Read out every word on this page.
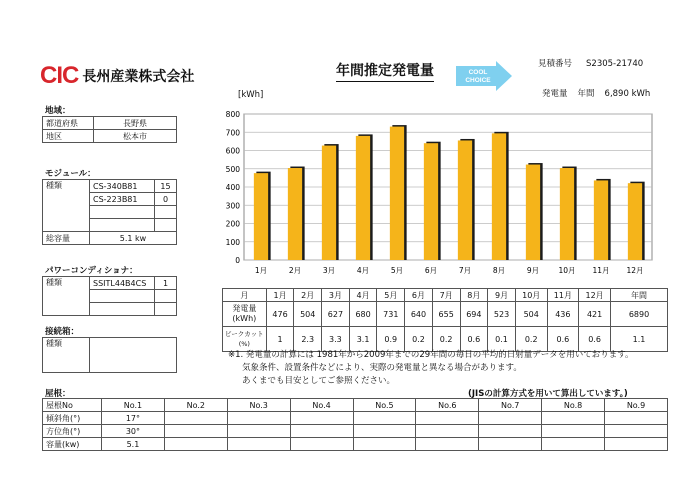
CIC 長州産業株式会社	年間推定発電量	COOL
CHOICE
見積番号 S2305-21740
発電量 年間 6,890 kWh
地域：
都道府県	長野県
地区	松本市
モジュール：
種類	CS-340B81	15
	CS-223B81	0

総容量	5.1 kw	
パワーコンディショナ：
種類	SSITL44B4CS	1

接続箱：
種類	
[kWh]
0
100
200
300
400
500
600
700
800
1月	2月	3月	4月	5月	6月	7月	8月	9月	10月 11月 12月
月	1月	2月	3月	4月	5月	6月	7月	8月	9月	10月	11月	12月	年間
発電量
(kWh)	476	504	627	680	731	640	655	694	523	504	436	421	6890
ピークカット
(%)	1	2.3	3.3	3.1	0.9	0.2	0.2	0.6	0.1	0.2	0.6	0.6	1.1
※1. 発電量の計算には 1981年から2009年までの29年間の毎日の平均的日射量データを用いております。
気象条件、設置条件などにより、実際の発電量と異なる場合があります。
あくまでも目安としてご参照ください。
屋根：	(JISの計算方式を用いて算出しています。)
屋根No	No.1	No.2	No.3	No.4	No.5	No.6	No.7	No.8	No.9
傾斜角(°)	17°								
方位角(°)	30°								
容量(kw)	5.1								
